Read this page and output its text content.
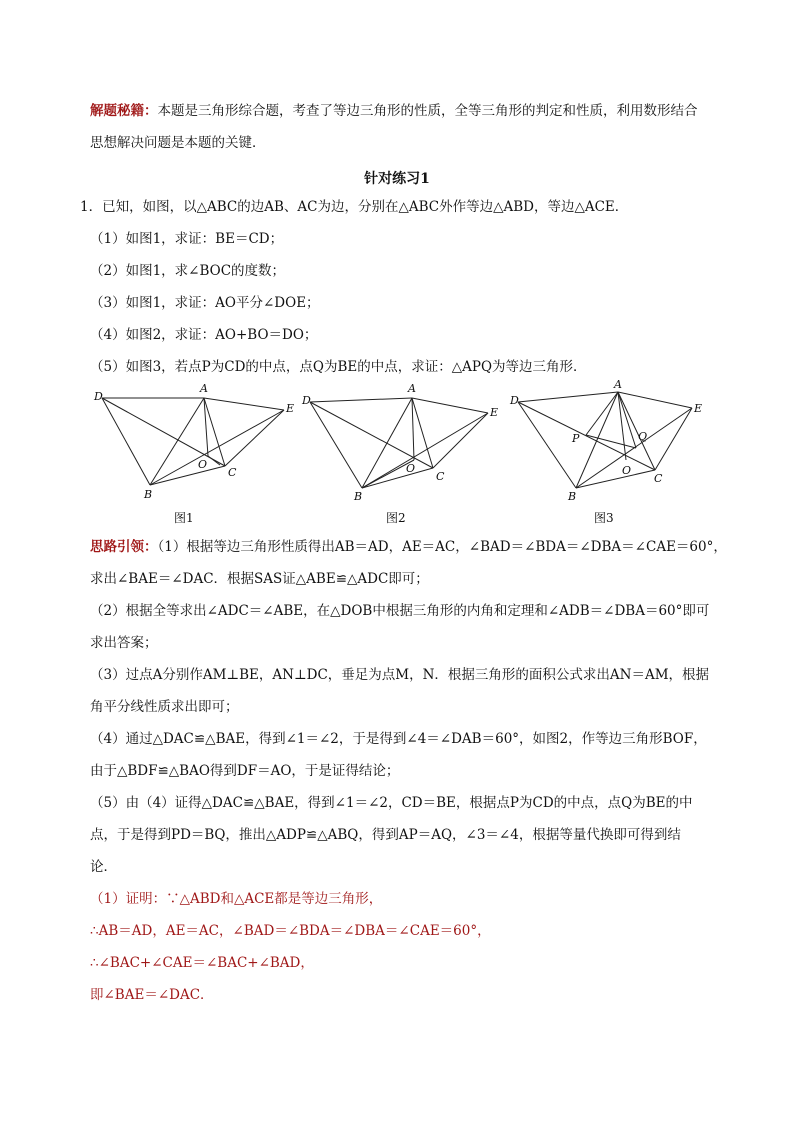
解题秘籍：本题是三角形综合题，考查了等边三角形的性质，全等三角形的判定和性质，利用数形结合
思想解决问题是本题的关键．
针对练习1
1．已知，如图，以△ABC的边AB、AC为边，分别在△ABC外作等边△ABD，等边△ACE．
（1）如图1，求证：BE＝CD；
（2）如图1，求∠BOC的度数；
（3）如图1，求证：AO平分∠DOE；
（4）如图2，求证：AO+BO＝DO；
（5）如图3，若点P为CD的中点，点Q为BE的中点，求证：△APQ为等边三角形．
D
A
E
B
C
O
图1
D
A
E
B
C
O
图2
D
A
E
B
C
O
P	Q
图3
思路引领：（1）根据等边三角形性质得出AB＝AD，AE＝AC，∠BAD＝∠BDA＝∠DBA＝∠CAE＝60°，
求出∠BAE＝∠DAC．根据SAS证△ABE≌△ADC即可；
（2）根据全等求出∠ADC＝∠ABE，在△DOB中根据三角形的内角和定理和∠ADB＝∠DBA＝60°即可
求出答案；
（3）过点A分别作AM⊥BE，AN⊥DC，垂足为点M，N．根据三角形的面积公式求出AN＝AM，根据
角平分线性质求出即可；
（4）通过△DAC≌△BAE，得到∠1＝∠2，于是得到∠4＝∠DAB＝60°，如图2，作等边三角形BOF，
由于△BDF≌△BAO得到DF＝AO，于是证得结论；
（5）由（4）证得△DAC≌△BAE，得到∠1＝∠2，CD＝BE，根据点P为CD的中点，点Q为BE的中
点，于是得到PD＝BQ，推出△ADP≌△ABQ，得到AP＝AQ，∠3＝∠4，根据等量代换即可得到结
论．
（1）证明：∵△ABD和△ACE都是等边三角形，
∴AB＝AD，AE＝AC，∠BAD＝∠BDA＝∠DBA＝∠CAE＝60°，
∴∠BAC+∠CAE＝∠BAC+∠BAD，
即∠BAE＝∠DAC．
